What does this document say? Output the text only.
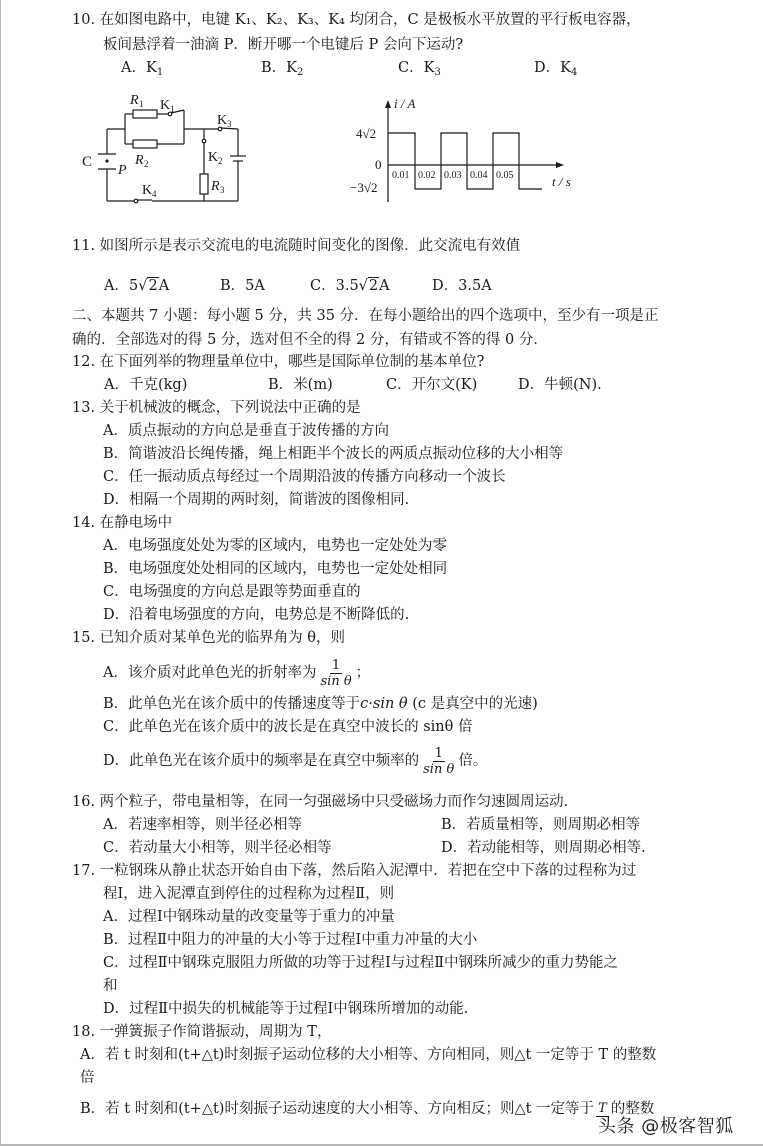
10. 在如图电路中，电键 K₁、K₂、K₃、K₄ 均闭合，C 是极板水平放置的平行板电容器，
板间悬浮着一油滴 P．断开哪一个电键后 P 会向下运动?
A．$K_1$	B．$K_2$	C．$K_3$	D．$K_4$
R 1 K 1
R 2
K 3
K 2
R 3
K 4
C
P
i / A
4√2
0
−3√2
0.01 0.02 0.03 0.04 0.05	t / s
11. 如图所示是表示交流电的电流随时间变化的图像．此交流电有效值
A．5√2A	B．5A	C．3.5√2A	D．3.5A
二、本题共 7 小题：每小题 5 分，共 35 分．在每小题给出的四个选项中，至少有一项是正
确的．全部选对的得 5 分，选对但不全的得 2 分，有错或不答的得 0 分．
12. 在下面列举的物理量单位中，哪些是国际单位制的基本单位?
A．千克(kg)	B．米(m)	C．开尔文(K)	D．牛顿(N).
13. 关于机械波的概念，下列说法中正确的是
A．质点振动的方向总是垂直于波传播的方向
B．简谐波沿长绳传播，绳上相距半个波长的两质点振动位移的大小相等
C．任一振动质点每经过一个周期沿波的传播方向移动一个波长
D．相隔一个周期的两时刻，简谐波的图像相同.
14. 在静电场中
A．电场强度处处为零的区域内，电势也一定处处为零
B．电场强度处处相同的区域内，电势也一定处处相同
C．电场强度的方向总是跟等势面垂直的
D．沿着电场强度的方向，电势总是不断降低的.
15. 已知介质对某单色光的临界角为 θ，则
A．该介质对此单色光的折射率为 $\frac{1}{\text{sin θ}}$ ；
B．此单色光在该介质中的传播速度等于c·sin θ (c 是真空中的光速)
C．此单色光在该介质中的波长是在真空中波长的 sinθ 倍
D．此单色光在该介质中的频率是在真空中频率的 $\frac{1}{\text{sin θ}}$ 倍。
16. 两个粒子，带电量相等，在同一匀强磁场中只受磁场力而作匀速圆周运动.
A．若速率相等，则半径必相等	B．若质量相等，则周期必相等
C．若动量大小相等，则半径必相等	D．若动能相等，则周期必相等.
17. 一粒钢珠从静止状态开始自由下落，然后陷入泥潭中．若把在空中下落的过程称为过
程Ⅰ，进入泥潭直到停住的过程称为过程Ⅱ，则
A．过程Ⅰ中钢珠动量的改变量等于重力的冲量
B．过程Ⅱ中阻力的冲量的大小等于过程Ⅰ中重力冲量的大小
C．过程Ⅱ中钢珠克服阻力所做的功等于过程Ⅰ与过程Ⅱ中钢珠所减少的重力势能之
和
D．过程Ⅱ中损失的机械能等于过程Ⅰ中钢珠所增加的动能.
18. 一弹簧振子作简谐振动，周期为 T，
A．若 t 时刻和(t+△t)时刻振子运动位移的大小相等、方向相同，则△t 一定等于 T 的整数
倍
B．若 t 时刻和(t+△t)时刻振子运动速度的大小相等、方向相反；则△t 一定等于 T 的整数
头条 @极客智狐
